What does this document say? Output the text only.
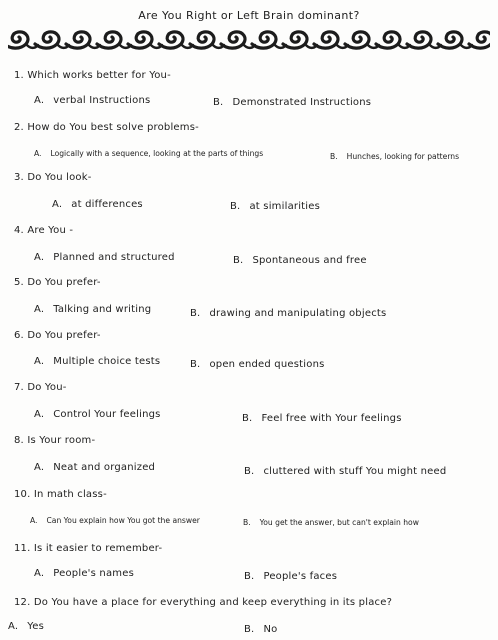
Are You Right or Left Brain dominant?
1. Which works better for You-
A. verbal Instructions	B. Demonstrated Instructions
2. How do You best solve problems-
A. Logically with a sequence, looking at the parts of things	B. Hunches, looking for patterns
3. Do You look-
A. at differences	B. at similarities
4. Are You -
A. Planned and structured	B. Spontaneous and free
5. Do You prefer-
A. Talking and writing	B. drawing and manipulating objects
6. Do You prefer-
A. Multiple choice tests	B. open ended questions
7. Do You-
A. Control Your feelings	B. Feel free with Your feelings
8. Is Your room-
A. Neat and organized	B. cluttered with stuff You might need
10. In math class-
A. Can You explain how You got the answer	B. You get the answer, but can't explain how
11. Is it easier to remember-
A. People's names	B. People's faces
12. Do You have a place for everything and keep everything in its place?
A. Yes	B. No
